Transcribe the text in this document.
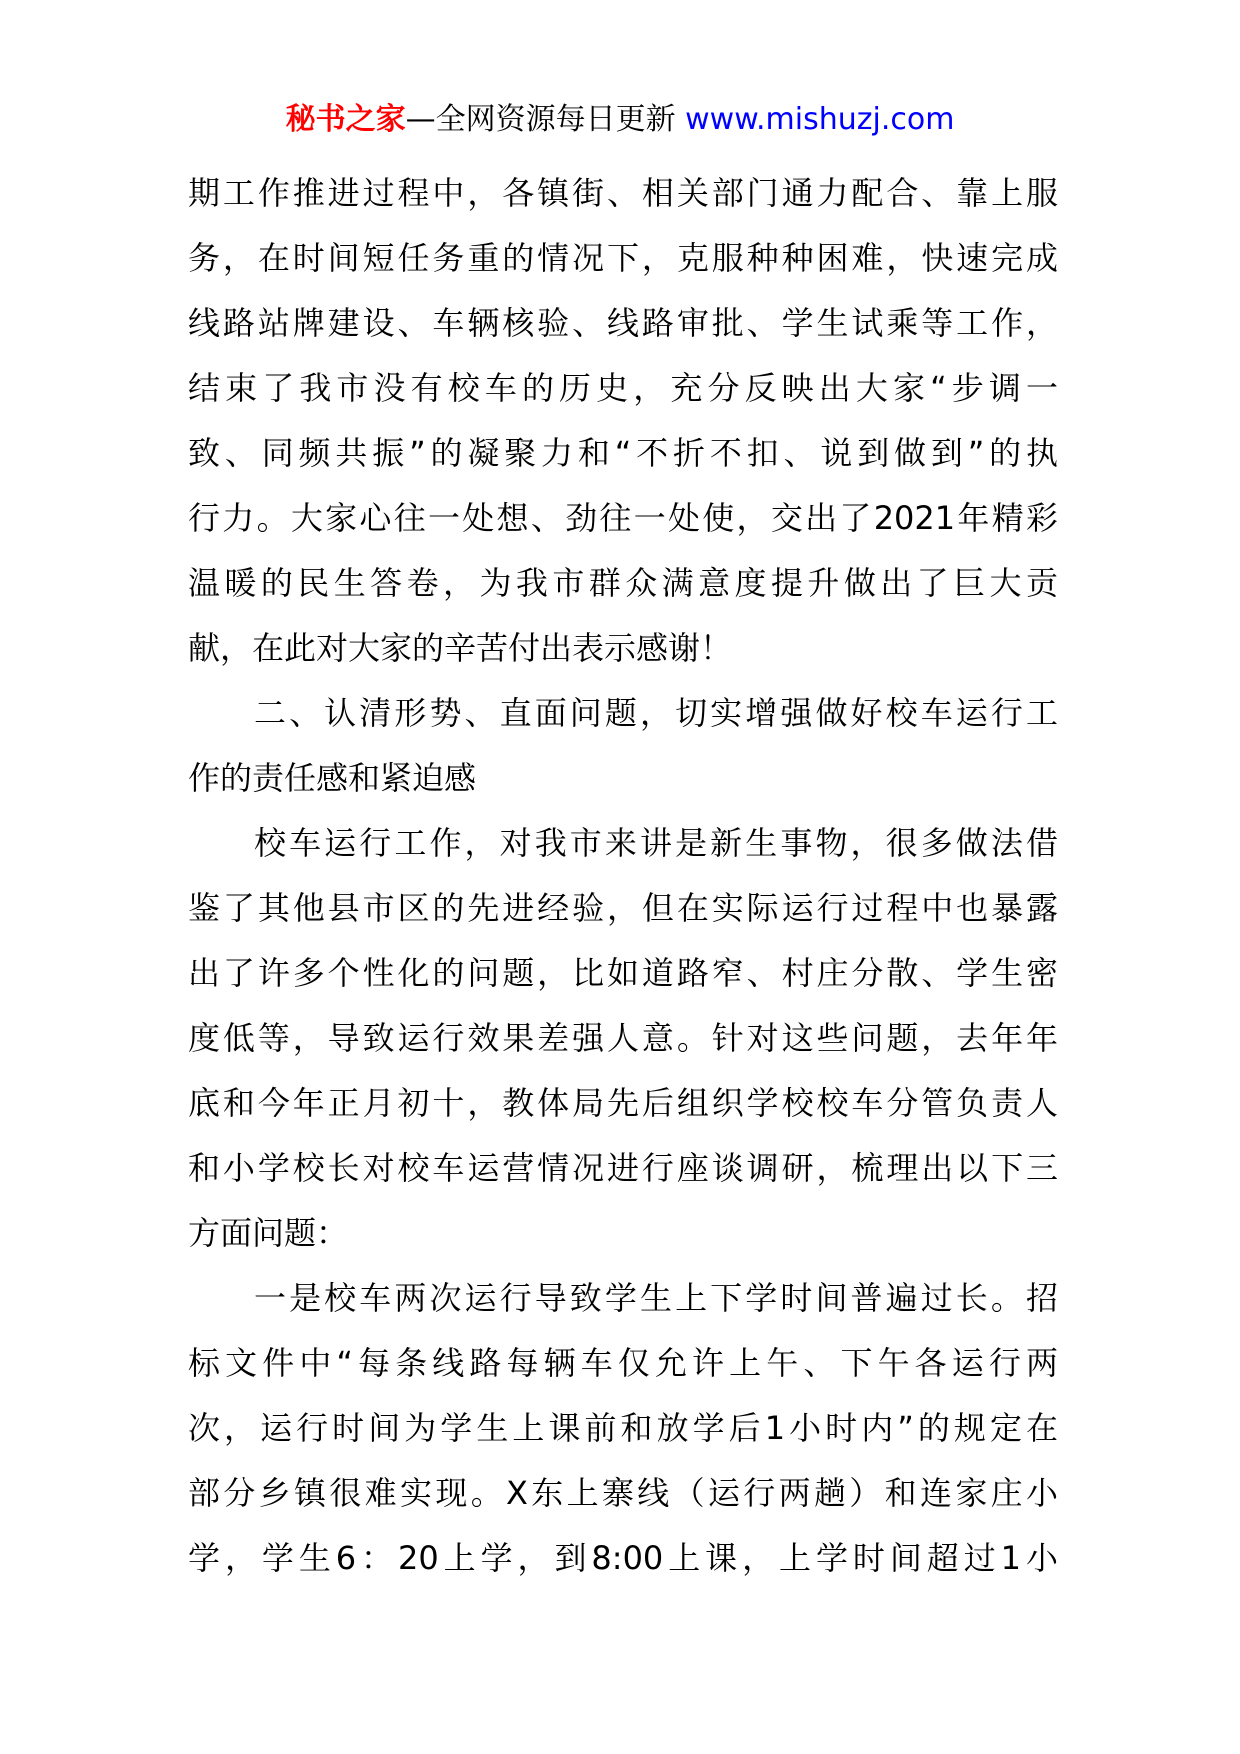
秘书之家—全网资源每日更新 www.mishuzj.com
期工作推进过程中，各镇街、相关部门通力配合、靠上服
务，在时间短任务重的情况下，克服种种困难，快速完成
线路站牌建设、车辆核验、线路审批、学生试乘等工作，
结束了我市没有校车的历史，充分反映出大家“步调一
致、同频共振”的凝聚力和“不折不扣、说到做到”的执
行力。大家心往一处想、劲往一处使，交出了2021年精彩
温暖的民生答卷，为我市群众满意度提升做出了巨大贡
献，在此对大家的辛苦付出表示感谢！
二、认清形势、直面问题，切实增强做好校车运行工
作的责任感和紧迫感
校车运行工作，对我市来讲是新生事物，很多做法借
鉴了其他县市区的先进经验，但在实际运行过程中也暴露
出了许多个性化的问题，比如道路窄、村庄分散、学生密
度低等，导致运行效果差强人意。针对这些问题，去年年
底和今年正月初十，教体局先后组织学校校车分管负责人
和小学校长对校车运营情况进行座谈调研，梳理出以下三
方面问题：
一是校车两次运行导致学生上下学时间普遍过长。招
标文件中“每条线路每辆车仅允许上午、下午各运行两
次，运行时间为学生上课前和放学后1小时内”的规定在
部分乡镇很难实现。X东上寨线（运行两趟）和连家庄小
学，学生6：20上学，到8:00上课，上学时间超过1小
